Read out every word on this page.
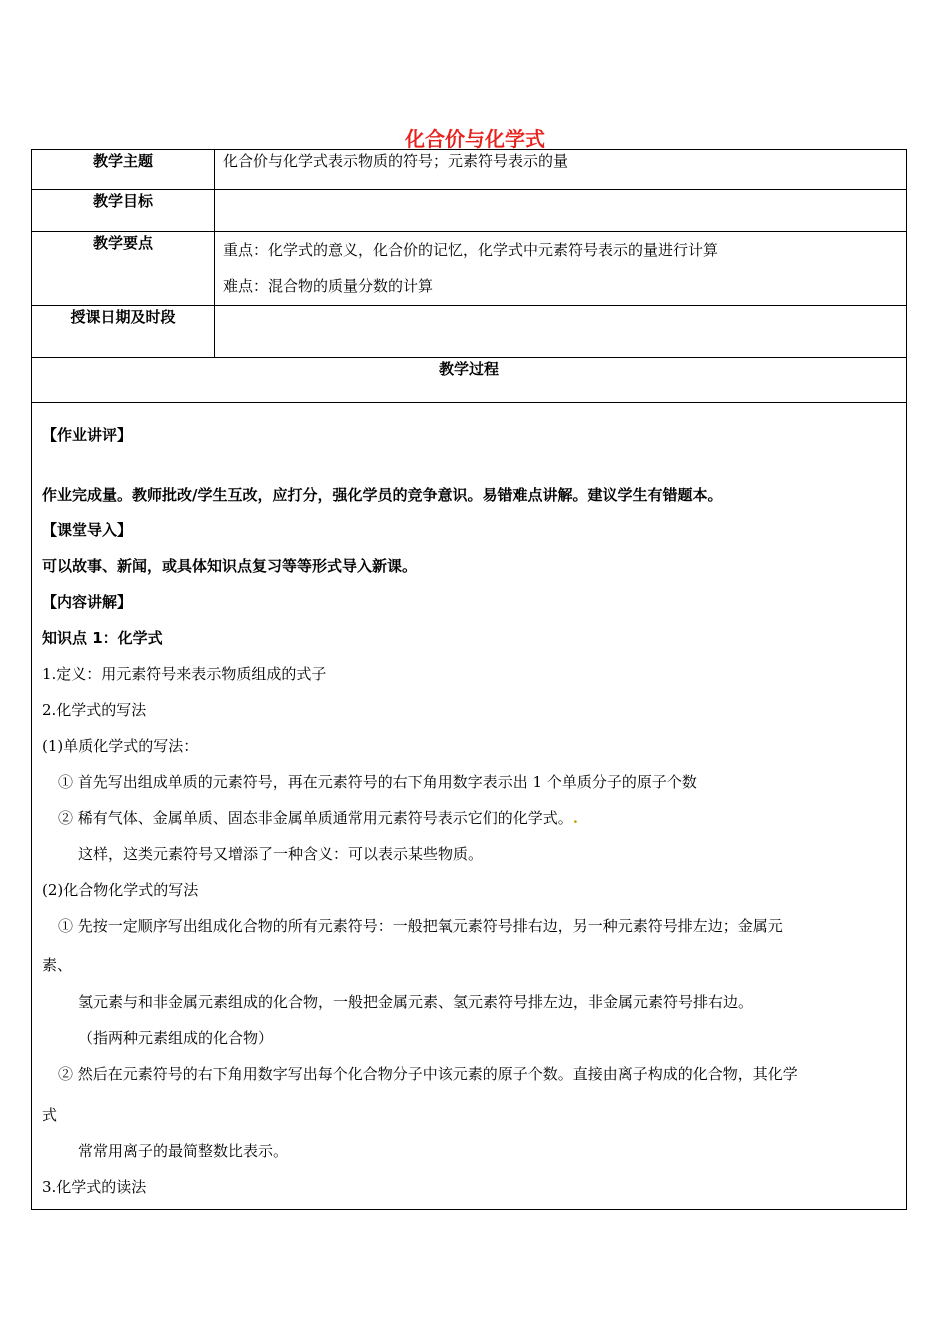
化合价与化学式
教学主题	化合价与化学式表示物质的符号；元素符号表示的量
教学目标	
教学要点	重点：化学式的意义，化合价的记忆，化学式中元素符号表示的量进行计算
难点：混合物的质量分数的计算

授课日期及时段	
教学过程	
【作业讲评】
作业完成量。教师批改/学生互改，应打分，强化学员的竞争意识。易错难点讲解。建议学生有错题本。
【课堂导入】
可以故事、新闻，或具体知识点复习等等形式导入新课。
【内容讲解】
知识点 1：化学式
1.定义：用元素符号来表示物质组成的式子
2.化学式的写法
(1)单质化学式的写法：
① 首先写出组成单质的元素符号，再在元素符号的右下角用数字表示出 1 个单质分子的原子个数
② 稀有气体、金属单质、固态非金属单质通常用元素符号表示它们的化学式。.
这样，这类元素符号又增添了一种含义：可以表示某些物质。
(2)化合物化学式的写法
① 先按一定顺序写出组成化合物的所有元素符号：一般把氧元素符号排右边，另一种元素符号排左边；金属元
素、
氢元素与和非金属元素组成的化合物，一般把金属元素、氢元素符号排左边，非金属元素符号排右边。
（指两种元素组成的化合物）
② 然后在元素符号的右下角用数字写出每个化合物分子中该元素的原子个数。直接由离子构成的化合物，其化学
式
常常用离子的最简整数比表示。
3.化学式的读法
